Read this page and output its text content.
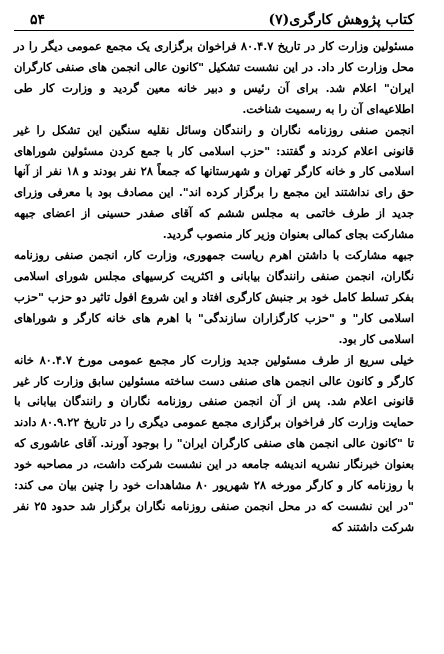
۵۴	کتاب پژوهش کارگری(۷)

مسئولین وزارت کار در تاریخ ۸۰.۴.۷ فراخوان برگزاری یک مجمع عمومی دیگر را در محل وزارت کار داد. در این نشست تشکیل "کانون عالی انجمن های صنفی کارگران ایران" اعلام شد. برای آن رئیس و دبیر خانه معین گردید و وزارت کار طی اطلاعیه‌ای آن را به رسمیت شناخت.

انجمن صنفی روزنامه نگاران و رانندگان وسائل نقلیه سنگین این تشکل را غیر قانونی اعلام کردند و گفتند: "حزب اسلامی کار با جمع کردن مسئولین شوراهای اسلامی کار و خانه کارگر تهران و شهرستانها که جمعاً ۲۸ نفر بودند و ۱۸ نفر از آنها حق رای نداشتند این مجمع را برگزار کرده اند". این مصادف بود با معرفی وزرای جدید از طرف خاتمی به مجلس ششم که آقای صفدر حسینی از اعضای جبهه مشارکت بجای کمالی بعنوان وزیر کار منصوب گردید.

جبهه مشارکت با داشتن اهرم ریاست جمهوری، وزارت کار، انجمن صنفی روزنامه نگاران، انجمن صنفی رانندگان بیابانی و اکثریت کرسیهای مجلس شورای اسلامی بفکر تسلط کامل خود بر جنبش کارگری افتاد و این شروع افول تاثیر دو حزب "حزب اسلامی کار" و "حزب کارگزاران سازندگی" با اهرم های خانه کارگر و شوراهای اسلامی کار بود.

خیلی سریع از طرف مسئولین جدید وزارت کار مجمع عمومی مورخ ۸۰.۴.۷ خانه کارگر و کانون عالی انجمن های صنفی دست ساخته مسئولین سابق وزارت کار غیر قانونی اعلام شد. پس از آن انجمن صنفی روزنامه نگاران و رانندگان بیابانی با حمایت وزارت کار فراخوان برگزاری مجمع عمومی دیگری را در تاریخ ۸۰.۹.۲۲ دادند تا "کانون عالی انجمن های صنفی کارگران ایران" را بوجود آورند. آقای عاشوری که بعنوان خبرنگار نشریه اندیشه جامعه در این نشست شرکت داشت، در مصاحبه خود با روزنامه کار و کارگر مورخه ۲۸ شهریور ۸۰ مشاهدات خود را چنین بیان می کند: "در این نشست که در محل انجمن صنفی روزنامه نگاران برگزار شد حدود ۲۵ نفر شرکت داشتند که
